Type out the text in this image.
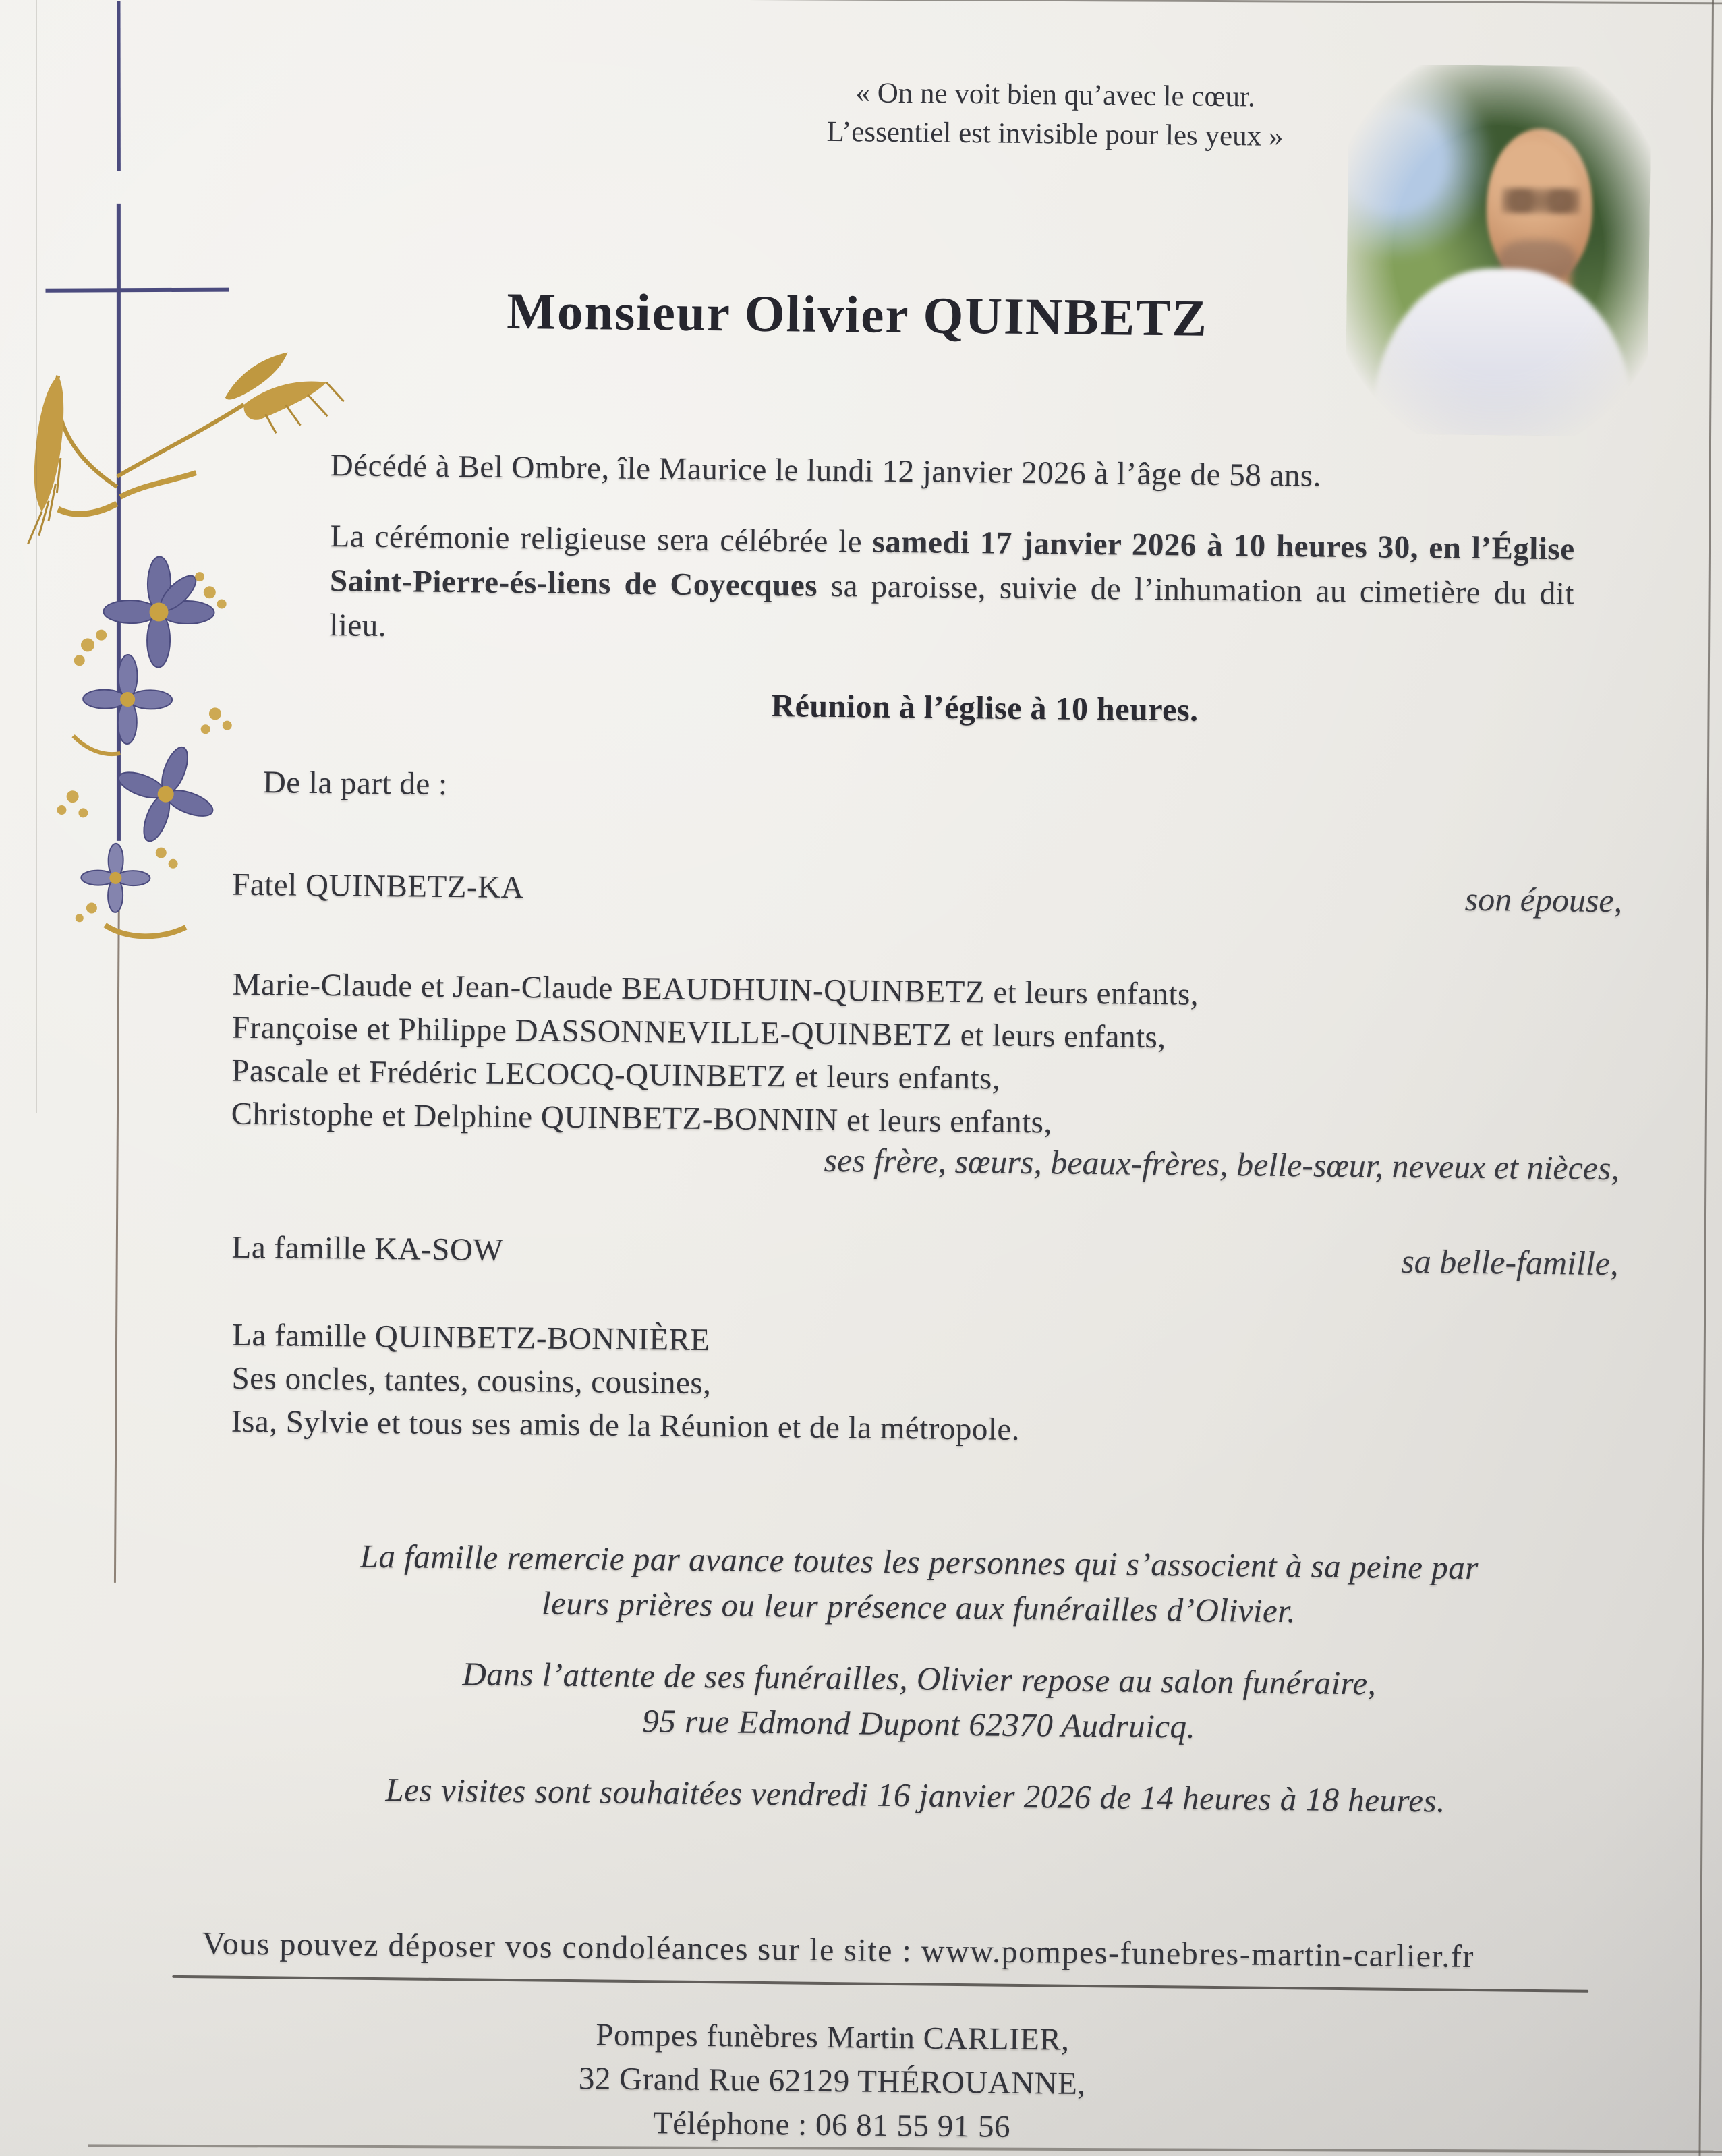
« On ne voit bien qu’avec le cœur.
L’essentiel est invisible pour les yeux »
Monsieur Olivier QUINBETZ
Décédé à Bel Ombre, île Maurice le lundi 12 janvier 2026 à l’âge de 58 ans.

La cérémonie religieuse sera célébrée le samedi 17 janvier 2026 à 10 heures 30, en l’Église Saint-Pierre-és-liens de Coyecques sa paroisse, suivie de l’inhumation au cimetière du dit lieu.

Réunion à l’église à 10 heures.
De la part de :
Fatel QUINBETZ-KA	son épouse,
Marie-Claude et Jean-Claude BEAUDHUIN-QUINBETZ et leurs enfants,
Françoise et Philippe DASSONNEVILLE-QUINBETZ et leurs enfants,
Pascale et Frédéric LECOCQ-QUINBETZ et leurs enfants,
Christophe et Delphine QUINBETZ-BONNIN et leurs enfants,
ses frère, sœurs, beaux-frères, belle-sœur, neveux et nièces,
La famille KA-SOW	sa belle-famille,
La famille QUINBETZ-BONNIÈRE
Ses oncles, tantes, cousins, cousines,
Isa, Sylvie et tous ses amis de la Réunion et de la métropole.
La famille remercie par avance toutes les personnes qui s’associent à sa peine par
leurs prières ou leur présence aux funérailles d’Olivier.
Dans l’attente de ses funérailles, Olivier repose au salon funéraire,
95 rue Edmond Dupont 62370 Audruicq.
Les visites sont souhaitées vendredi 16 janvier 2026 de 14 heures à 18 heures.
Vous pouvez déposer vos condoléances sur le site : www.pompes-funebres-martin-carlier.fr
Pompes funèbres Martin CARLIER,
32 Grand Rue 62129 THÉROUANNE,
Téléphone : 06 81 55 91 56
